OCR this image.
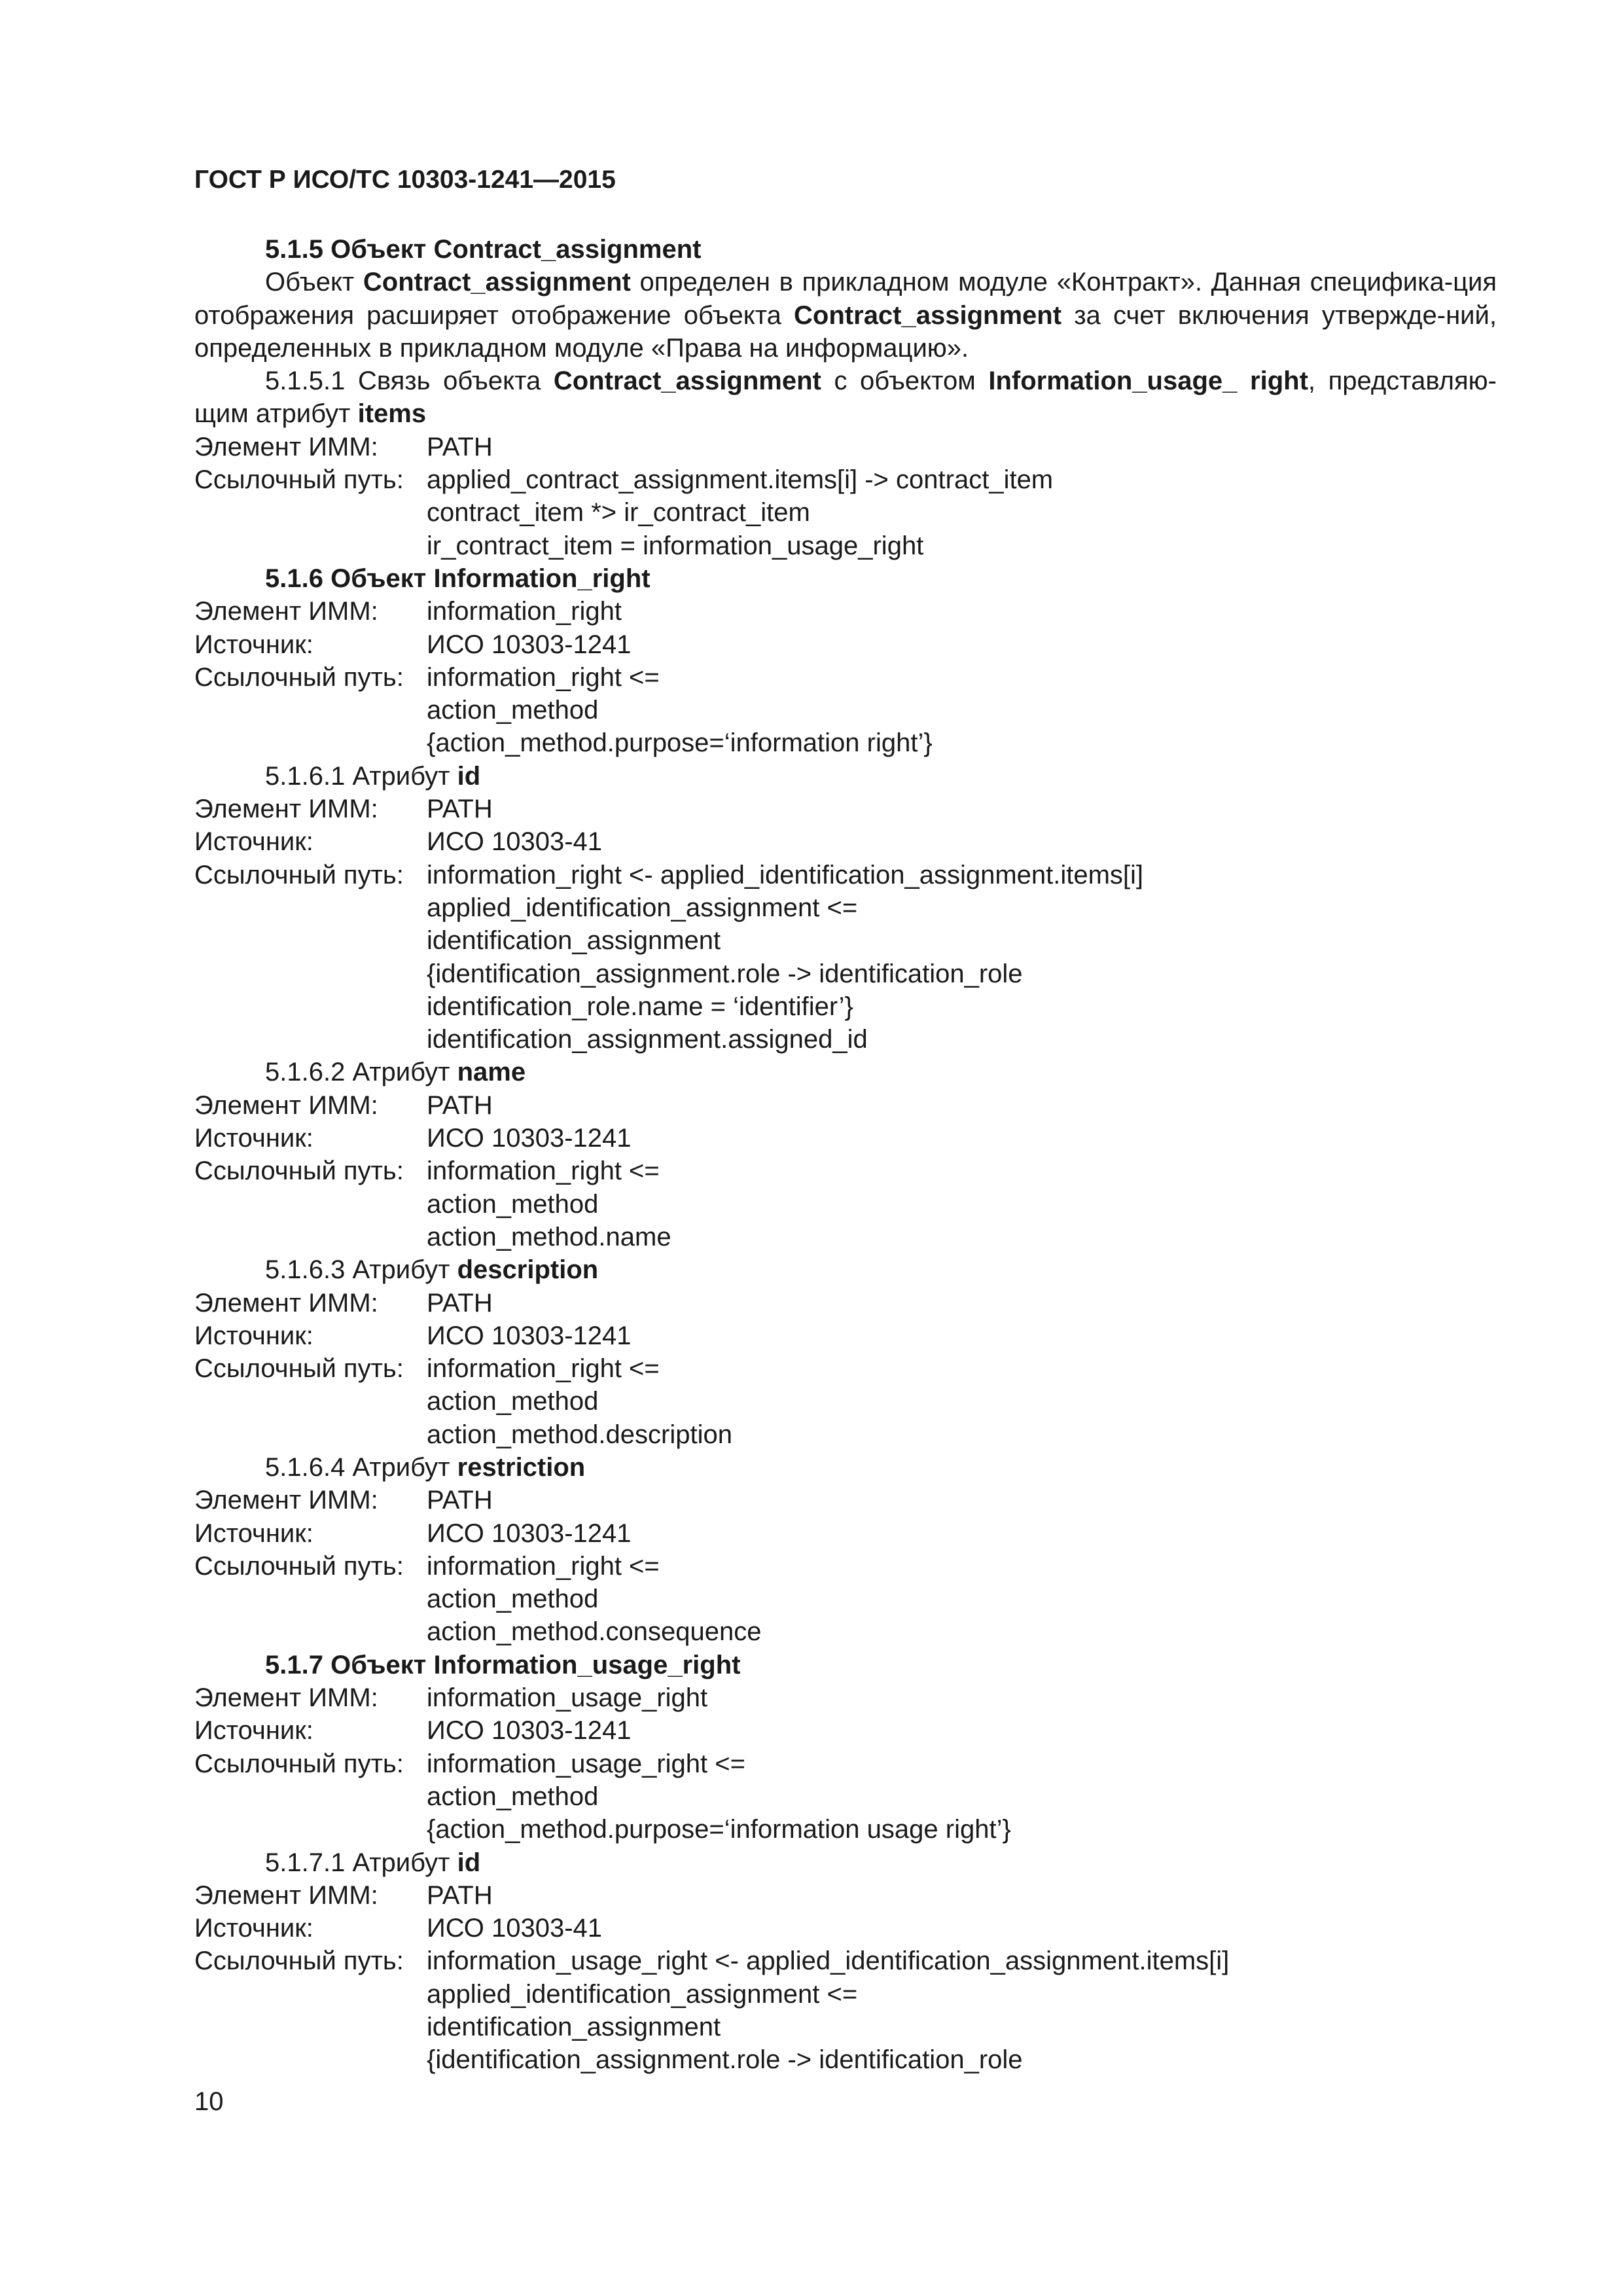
ГОСТ Р ИСО/ТС 10303-1241—2015
5.1.5 Объект Contract_assignment
Объект Contract_assignment определен в прикладном модуле «Контракт». Данная специфика-ция отображения расширяет отображение объекта Contract_assignment за счет включения утвержде-ний, определенных в прикладном модуле «Права на информацию».
5.1.5.1 Связь объекта Contract_assignment с объектом Information_usage_ right, представляю-щим атрибут items
Элемент ИММ:	PATH
Ссылочный путь: applied_contract_assignment.items[i] -> contract_item
contract_item *> ir_contract_item
ir_contract_item = information_usage_right
5.1.6 Объект Information_right
Элемент ИММ:	information_right
Источник:	ИСО 10303-1241
Ссылочный путь: information_right <=
action_method
{action_method.purpose=‘information right’}
5.1.6.1 Атрибут id
Элемент ИММ:	PATH
Источник:	ИСО 10303-41
Ссылочный путь: information_right <- applied_identification_assignment.items[i]
applied_identification_assignment <=
identification_assignment
{identification_assignment.role -> identification_role
identification_role.name = ‘identifier’}
identification_assignment.assigned_id
5.1.6.2 Атрибут name
Элемент ИММ:	PATH
Источник:	ИСО 10303-1241
Ссылочный путь: information_right <=
action_method
action_method.name
5.1.6.3 Атрибут description
Элемент ИММ:	PATH
Источник:	ИСО 10303-1241
Ссылочный путь: information_right <=
action_method
action_method.description
5.1.6.4 Атрибут restriction
Элемент ИММ:	PATH
Источник:	ИСО 10303-1241
Ссылочный путь: information_right <=
action_method
action_method.consequence
5.1.7 Объект Information_usage_right
Элемент ИММ:	information_usage_right
Источник:	ИСО 10303-1241
Ссылочный путь: information_usage_right <=
action_method
{action_method.purpose=‘information usage right’}
5.1.7.1 Атрибут id
Элемент ИММ:	PATH
Источник:	ИСО 10303-41
Ссылочный путь: information_usage_right <- applied_identification_assignment.items[i]
applied_identification_assignment <=
identification_assignment
{identification_assignment.role -> identification_role
10
